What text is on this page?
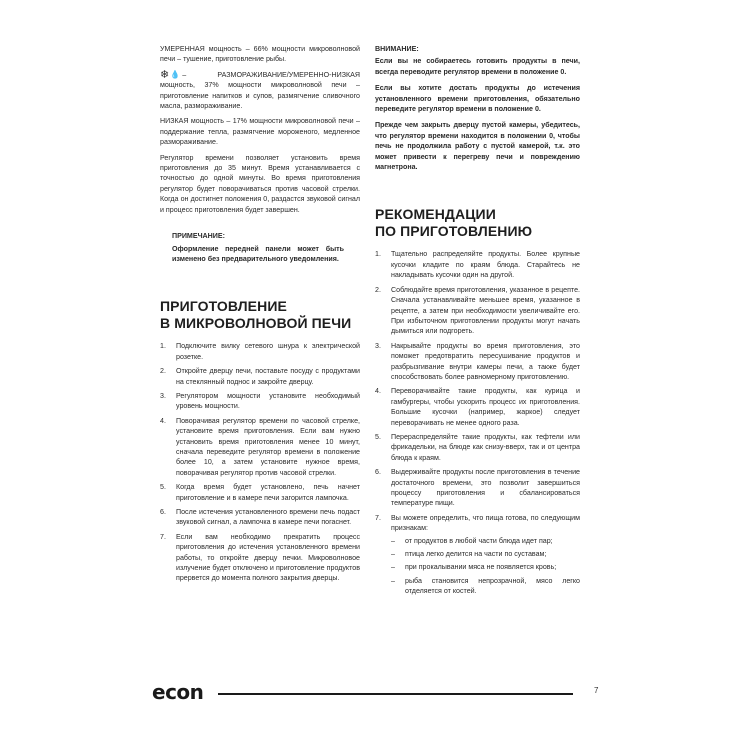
УМЕРЕННАЯ мощность – 66% мощности микроволновой печи – тушение, приготовление рыбы.

❄💧 – РАЗМОРАЖИВАНИЕ/УМЕРЕННО-НИЗКАЯ мощность, 37% мощности микроволновой печи – приготовление напитков и супов, размягчение сливочного масла, размораживание.

НИЗКАЯ мощность – 17% мощности микроволновой печи – поддержание тепла, размягчение мороженого, медленное размораживание.

Регулятор времени позволяет установить время приготовления до 35 минут. Время устанавливается с точностью до одной минуты. Во время приготовления регулятор будет поворачиваться против часовой стрелки. Когда он достигнет положения 0, раздастся звуковой сигнал и процесс приготовления будет завершен.

ПРИМЕЧАНИЕ:
Оформление передней панели может быть изменено без предварительного уведомления.
ПРИГОТОВЛЕНИЕ
В МИКРОВОЛНОВОЙ ПЕЧИ
1.	Подключите вилку сетевого шнура к электрической розетке.
2.	Откройте дверцу печи, поставьте посуду с продуктами на стеклянный поднос и закройте дверцу.
3.	Регулятором мощности установите необходимый уровень мощности.
4.	Поворачивая регулятор времени по часовой стрелке, установите время приготовления. Если вам нужно установить время приготовления менее 10 минут, сначала переведите регулятор времени в положение более 10, а затем установите нужное время, поворачивая регулятор против часовой стрелки.
5.	Когда время будет установлено, печь начнет приготовление и в камере печи загорится лампочка.
6.	После истечения установленного времени печь подаст звуковой сигнал, а лампочка в камере печи погаснет.
7.	Если вам необходимо прекратить процесс приготовления до истечения установленного времени работы, то откройте дверцу печки. Микроволновое излучение будет отключено и приготовление продуктов прервется до момента полного закрытия дверцы.
ВНИМАНИЕ:

Если вы не собираетесь готовить продукты в печи, всегда переводите регулятор времени в положение 0.

Если вы хотите достать продукты до истечения установленного времени приготовления, обязательно переведите регулятор времени в положение 0.

Прежде чем закрыть дверцу пустой камеры, убедитесь, что регулятор времени находится в положении 0, чтобы печь не продолжила работу с пустой камерой, т.к. это может привести к перегреву печи и повреждению магнетрона.

РЕКОМЕНДАЦИИ
ПО ПРИГОТОВЛЕНИЮ
1.	Тщательно распределяйте продукты. Более крупные кусочки кладите по краям блюда. Старайтесь не накладывать кусочки один на другой.
2.	Соблюдайте время приготовления, указанное в рецепте. Сначала устанавливайте меньшее время, указанное в рецепте, а затем при необходимости увеличивайте его. При избыточном приготовлении продукты могут начать дымиться или подгореть.
3.	Накрывайте продукты во время приготовления, это поможет предотвратить пересушивание продуктов и разбрызгивание внутри камеры печи, а также будет способствовать более равномерному приготовлению.
4.	Переворачивайте такие продукты, как курица и гамбургеры, чтобы ускорить процесс их приготовления. Большие кусочки (например, жаркое) следует переворачивать не менее одного раза.
5.	Перераспределяйте такие продукты, как тефтели или фрикадельки, на блюде как снизу-вверх, так и от центра блюда к краям.
6.	Выдерживайте продукты после приготовления в течение достаточного времени, это позволит завершиться процессу приготовления и сбалансироваться температуре пищи.
7.	Вы можете определить, что пища готова, по следующим признакам:
–	от продуктов в любой части блюда идет пар;
–	птица легко делится на части по суставам;
–	при прокалывании мяса не появляется кровь;
–	рыба становится непрозрачной, мясо легко отделяется от костей.
econ	7
